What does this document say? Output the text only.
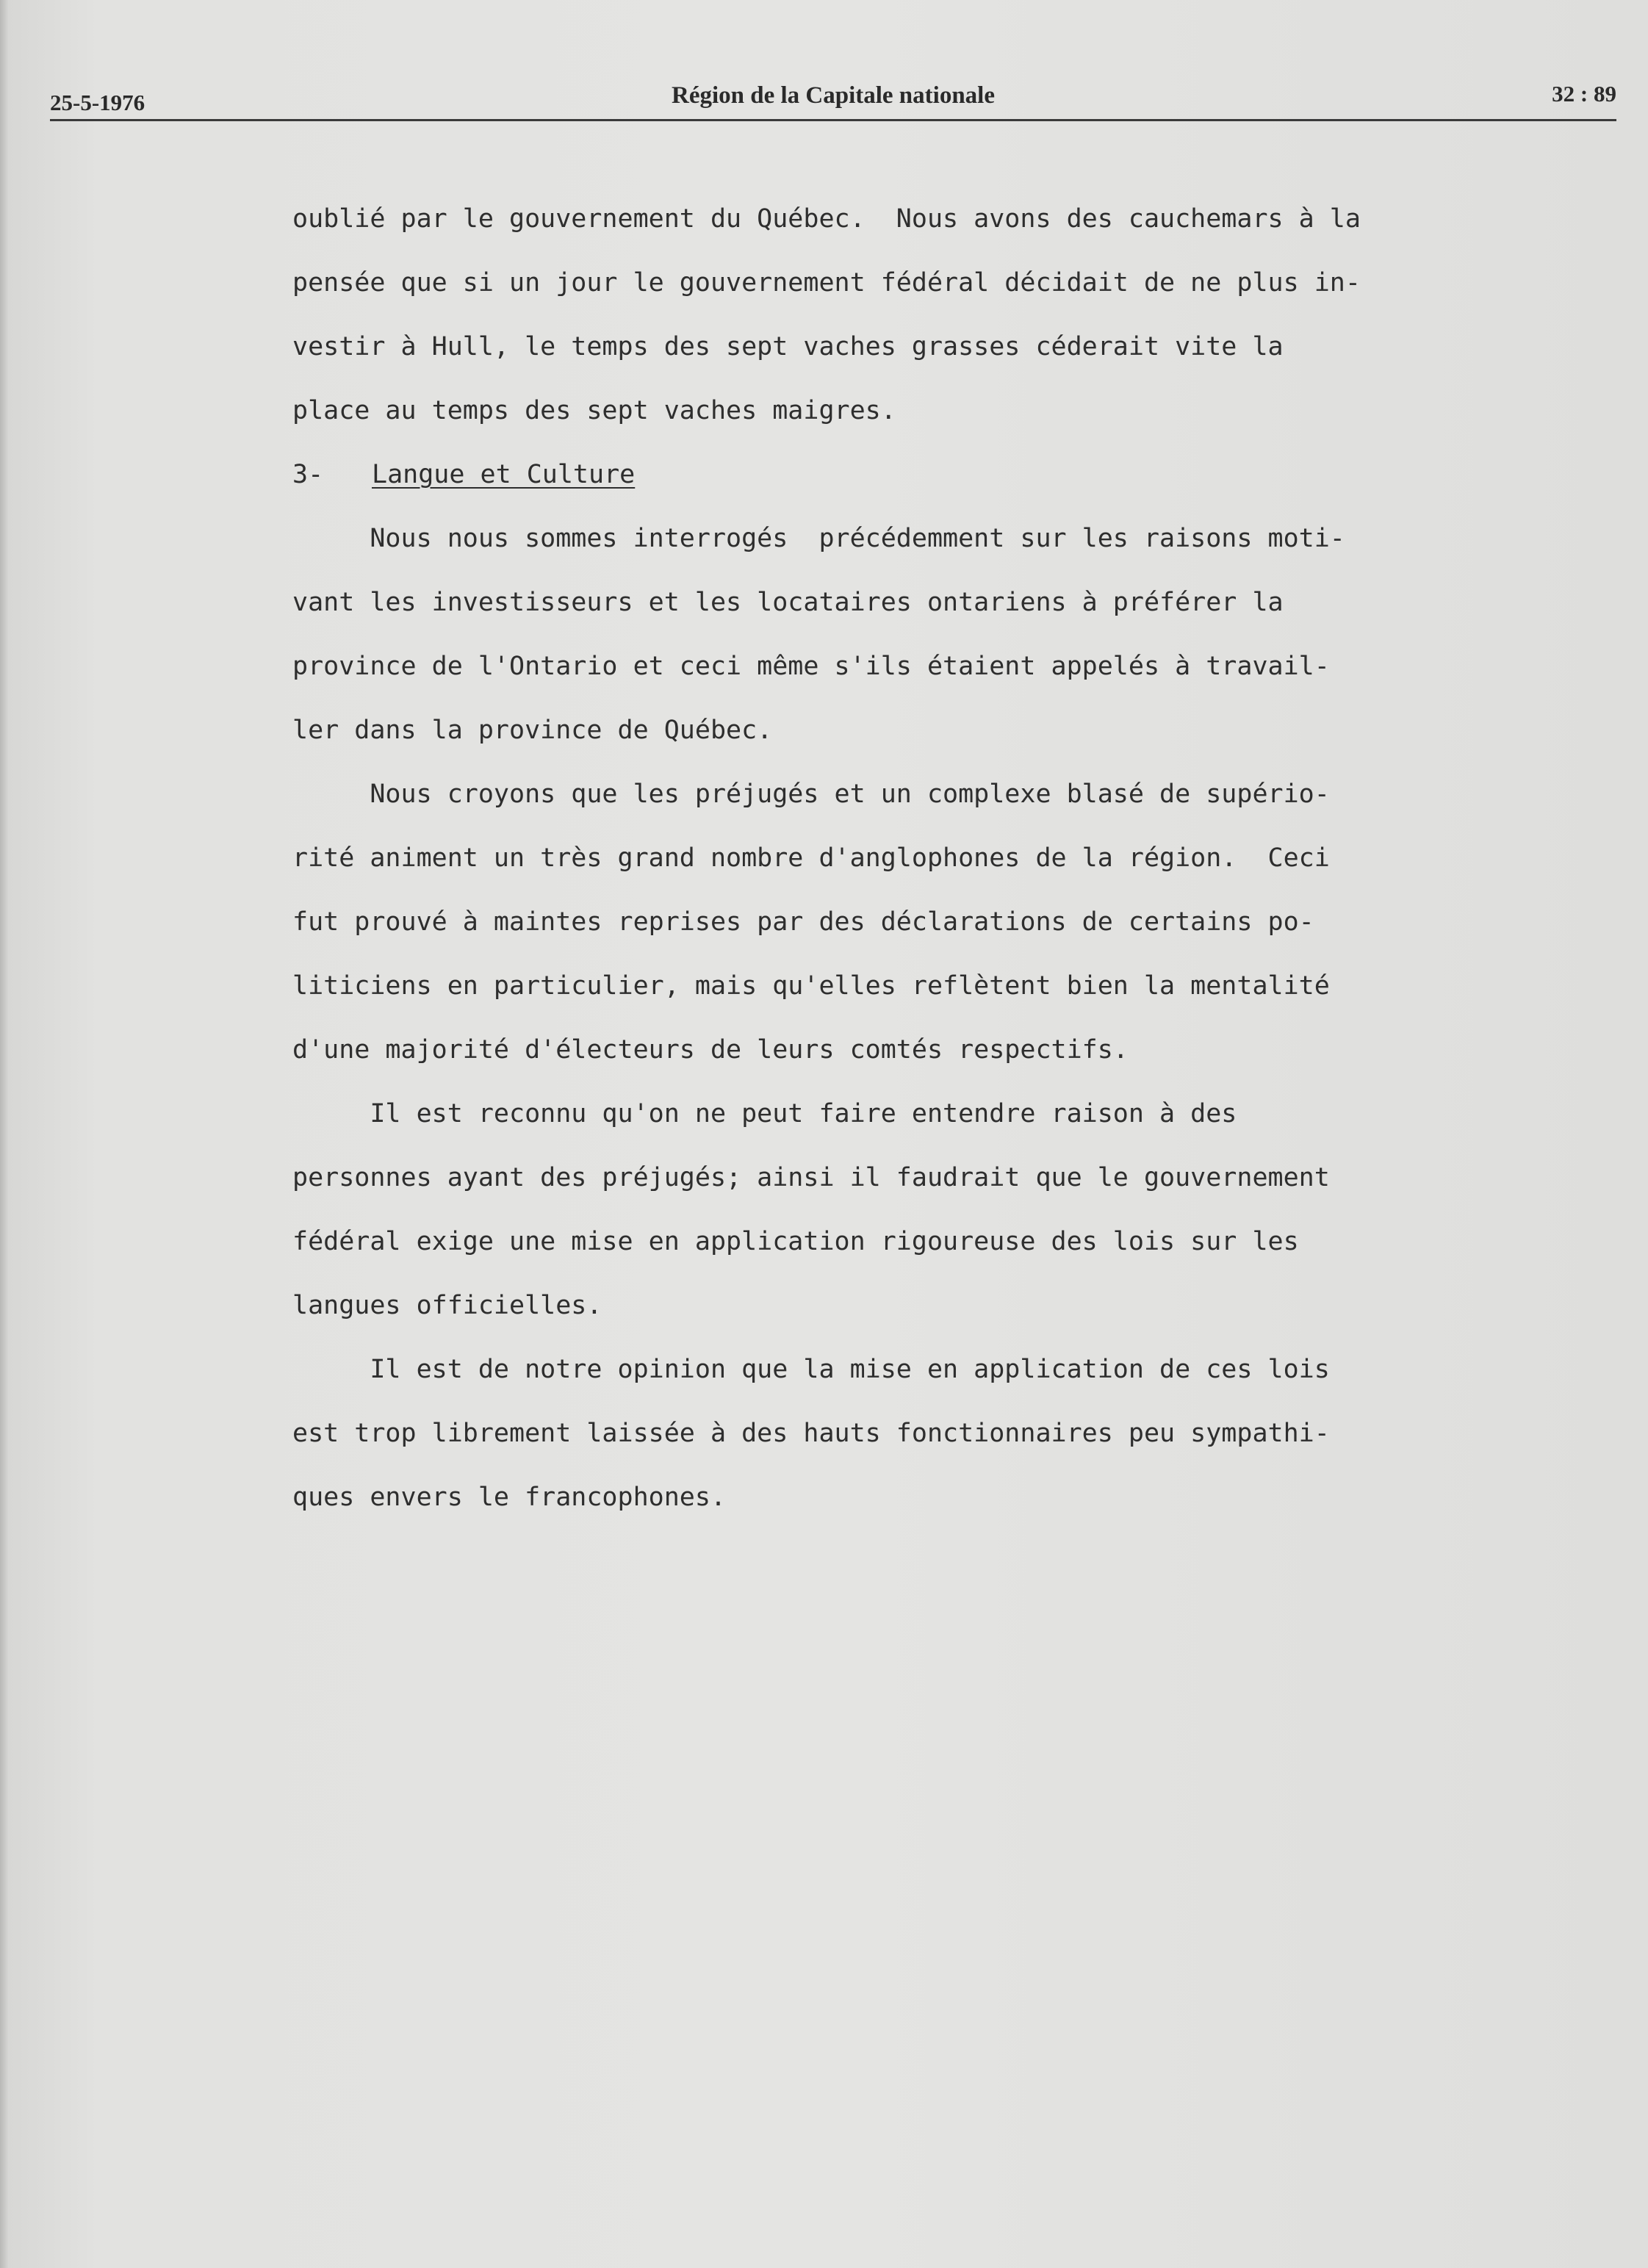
25-5-1976	Région de la Capitale nationale	32 : 89
oublié par le gouvernement du Québec.  Nous avons des cauchemars à la
pensée que si un jour le gouvernement fédéral décidait de ne plus in-
vestir à Hull, le temps des sept vaches grasses céderait vite la
place au temps des sept vaches maigres.
3- Langue et Culture
Nous nous sommes interrogés  précédemment sur les raisons moti-
vant les investisseurs et les locataires ontariens à préférer la
province de l'Ontario et ceci même s'ils étaient appelés à travail-
ler dans la province de Québec.
Nous croyons que les préjugés et un complexe blasé de supério-
rité animent un très grand nombre d'anglophones de la région.  Ceci
fut prouvé à maintes reprises par des déclarations de certains po-
liticiens en particulier, mais qu'elles reflètent bien la mentalité
d'une majorité d'électeurs de leurs comtés respectifs.
Il est reconnu qu'on ne peut faire entendre raison à des
personnes ayant des préjugés; ainsi il faudrait que le gouvernement
fédéral exige une mise en application rigoureuse des lois sur les
langues officielles.
Il est de notre opinion que la mise en application de ces lois
est trop librement laissée à des hauts fonctionnaires peu sympathi-
ques envers le francophones.
